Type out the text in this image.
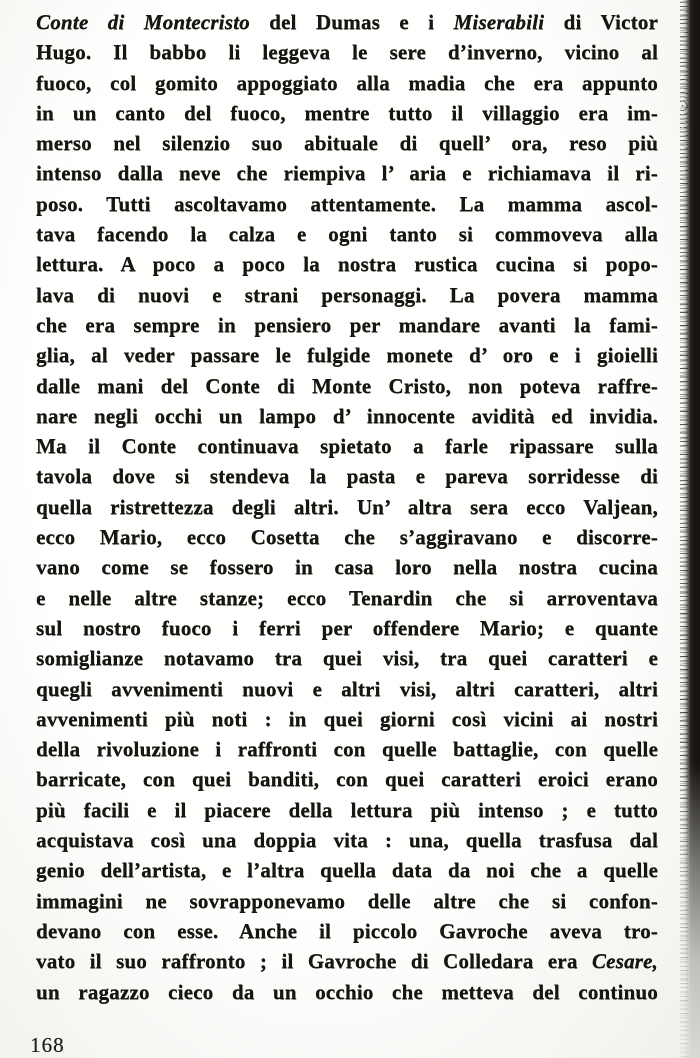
Conte di Montecristo del Dumas e i Miserabili di Victor
Hugo. Il babbo li leggeva le sere d’inverno, vicino al
fuoco, col gomito appoggiato alla madia che era appunto
in un canto del fuoco, mentre tutto il villaggio era im-
merso nel silenzio suo abituale di quell’ ora, reso più
intenso dalla neve che riempiva l’ aria e richiamava il ri-
poso. Tutti ascoltavamo attentamente. La mamma ascol-
tava facendo la calza e ogni tanto si commoveva alla
lettura. A poco a poco la nostra rustica cucina si popo-
lava di nuovi e strani personaggi. La povera mamma
che era sempre in pensiero per mandare avanti la fami-
glia, al veder passare le fulgide monete d’ oro e i gioielli
dalle mani del Conte di Monte Cristo, non poteva raffre-
nare negli occhi un lampo d’ innocente avidità ed invidia.
Ma il Conte continuava spietato a farle ripassare sulla
tavola dove si stendeva la pasta e pareva sorridesse di
quella ristrettezza degli altri. Un’ altra sera ecco Valjean,
ecco Mario, ecco Cosetta che s’aggiravano e discorre-
vano come se fossero in casa loro nella nostra cucina
e nelle altre stanze; ecco Tenardin che si arroventava
sul nostro fuoco i ferri per offendere Mario; e quante
somiglianze notavamo tra quei visi, tra quei caratteri e
quegli avvenimenti nuovi e altri visi, altri caratteri, altri
avvenimenti più noti : in quei giorni così vicini ai nostri
della rivoluzione i raffronti con quelle battaglie, con quelle
barricate, con quei banditi, con quei caratteri eroici erano
più facili e il piacere della lettura più intenso ; e tutto
acquistava così una doppia vita : una, quella trasfusa dal
genio dell’artista, e l’altra quella data da noi che a quelle
immagini ne sovrapponevamo delle altre che si confon-
devano con esse. Anche il piccolo Gavroche aveva tro-
vato il suo raffronto ; il Gavroche di Colledara era Cesare,
un ragazzo cieco da un occhio che metteva del continuo
168
